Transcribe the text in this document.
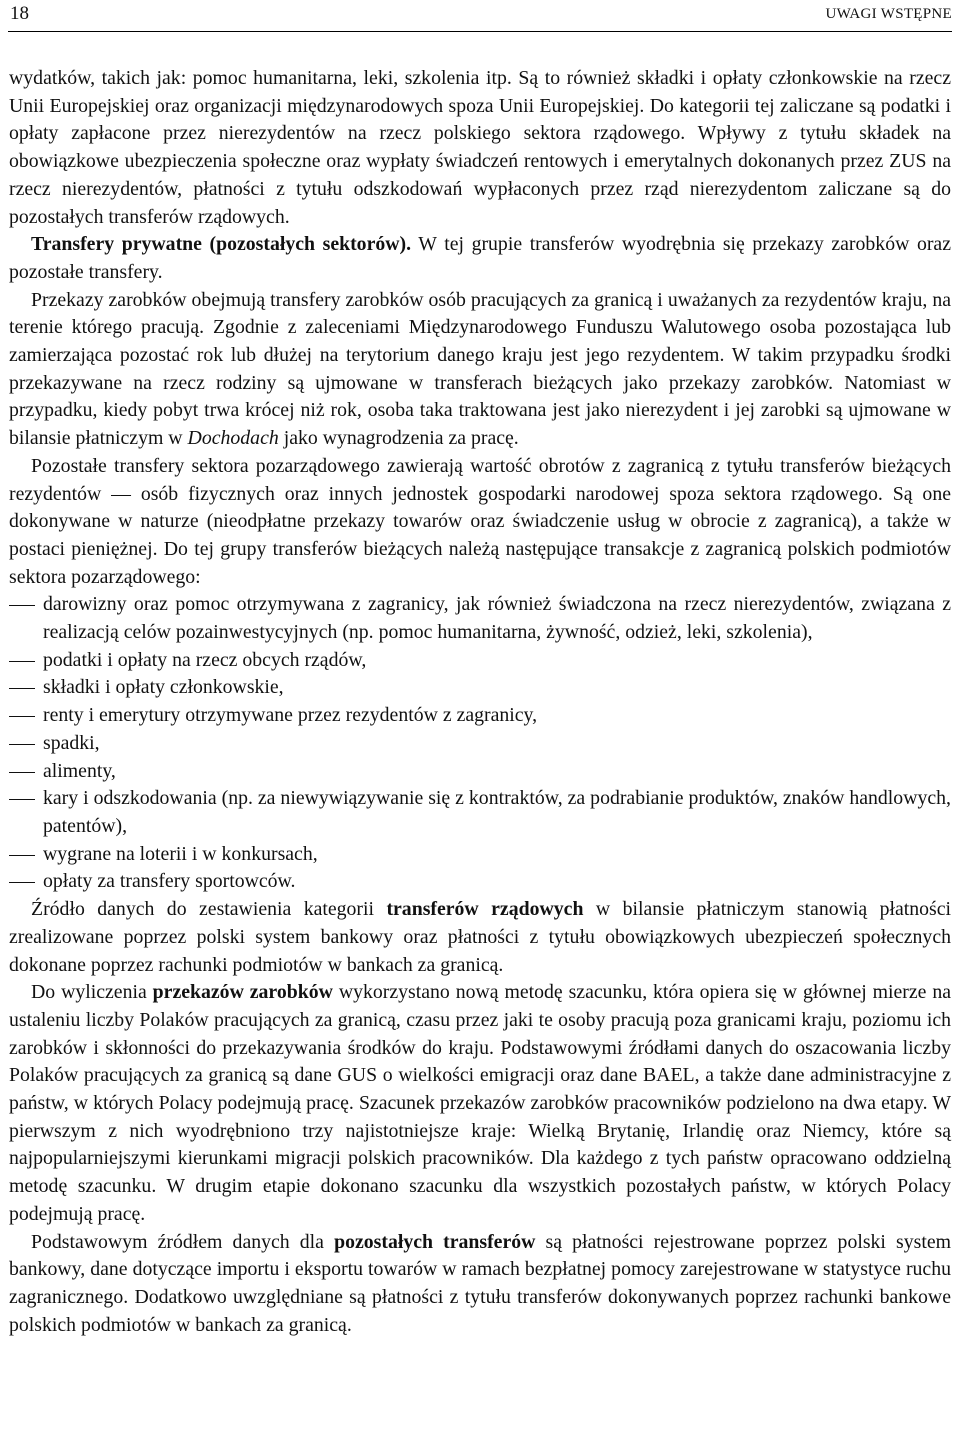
18	UWAGI WSTĘPNE

wydatków, takich jak: pomoc humanitarna, leki, szkolenia itp. Są to również składki i opłaty członkowskie na rzecz Unii Europejskiej oraz organizacji międzynarodowych spoza Unii Europejskiej. Do kategorii tej zaliczane są podatki i opłaty zapłacone przez nierezydentów na rzecz polskiego sektora rządowego. Wpływy z tytułu składek na obowiązkowe ubezpieczenia społeczne oraz wypłaty świadczeń rentowych i emerytalnych dokonanych przez ZUS na rzecz nierezydentów, płatności z tytułu odszkodowań wypłaconych przez rząd nierezydentom zaliczane są do pozostałych transferów rządowych.

Transfery prywatne (pozostałych sektorów). W tej grupie transferów wyodrębnia się przekazy zarobków oraz pozostałe transfery.

Przekazy zarobków obejmują transfery zarobków osób pracujących za granicą i uważanych za rezydentów kraju, na terenie którego pracują. Zgodnie z zaleceniami Międzynarodowego Funduszu Walutowego osoba pozostająca lub zamierzająca pozostać rok lub dłużej na terytorium danego kraju jest jego rezydentem. W takim przypadku środki przekazywane na rzecz rodziny są ujmowane w transferach bieżących jako przekazy zarobków. Natomiast w przypadku, kiedy pobyt trwa krócej niż rok, osoba taka traktowana jest jako nierezydent i jej zarobki są ujmowane w bilansie płatniczym w Dochodach jako wynagrodzenia za pracę.

Pozostałe transfery sektora pozarządowego zawierają wartość obrotów z zagranicą z tytułu transferów bieżących rezydentów — osób fizycznych oraz innych jednostek gospodarki narodowej spoza sektora rządowego. Są one dokonywane w naturze (nieodpłatne przekazy towarów oraz świadczenie usług w obrocie z zagranicą), a także w postaci pieniężnej. Do tej grupy transferów bieżących należą następujące transakcje z zagranicą polskich podmiotów sektora pozarządowego:

darowizny oraz pomoc otrzymywana z zagranicy, jak również świadczona na rzecz nierezydentów, związana z realizacją celów pozainwestycyjnych (np. pomoc humanitarna, żywność, odzież, leki, szkolenia),
podatki i opłaty na rzecz obcych rządów,
składki i opłaty członkowskie,
renty i emerytury otrzymywane przez rezydentów z zagranicy,
spadki,
alimenty,
kary i odszkodowania (np. za niewywiązywanie się z kontraktów, za podrabianie produktów, znaków handlowych, patentów),
wygrane na loterii i w konkursach,
opłaty za transfery sportowców.

Źródło danych do zestawienia kategorii transferów rządowych w bilansie płatniczym stanowią płatności zrealizowane poprzez polski system bankowy oraz płatności z tytułu obowiązkowych ubezpieczeń społecznych dokonane poprzez rachunki podmiotów w bankach za granicą.

Do wyliczenia przekazów zarobków wykorzystano nową metodę szacunku, która opiera się w głównej mierze na ustaleniu liczby Polaków pracujących za granicą, czasu przez jaki te osoby pracują poza granicami kraju, poziomu ich zarobków i skłonności do przekazywania środków do kraju. Podstawowymi źródłami danych do oszacowania liczby Polaków pracujących za granicą są dane GUS o wielkości emigracji oraz dane BAEL, a także dane administracyjne z państw, w których Polacy podejmują pracę. Szacunek przekazów zarobków pracowników podzielono na dwa etapy. W pierwszym z nich wyodrębniono trzy najistotniejsze kraje: Wielką Brytanię, Irlandię oraz Niemcy, które są najpopularniejszymi kierunkami migracji polskich pracowników. Dla każdego z tych państw opracowano oddzielną metodę szacunku. W drugim etapie dokonano szacunku dla wszystkich pozostałych państw, w których Polacy podejmują pracę.

Podstawowym źródłem danych dla pozostałych transferów są płatności rejestrowane poprzez polski system bankowy, dane dotyczące importu i eksportu towarów w ramach bezpłatnej pomocy zarejestrowane w statystyce ruchu zagranicznego. Dodatkowo uwzględniane są płatności z tytułu transferów dokonywanych poprzez rachunki bankowe polskich podmiotów w bankach za granicą.
